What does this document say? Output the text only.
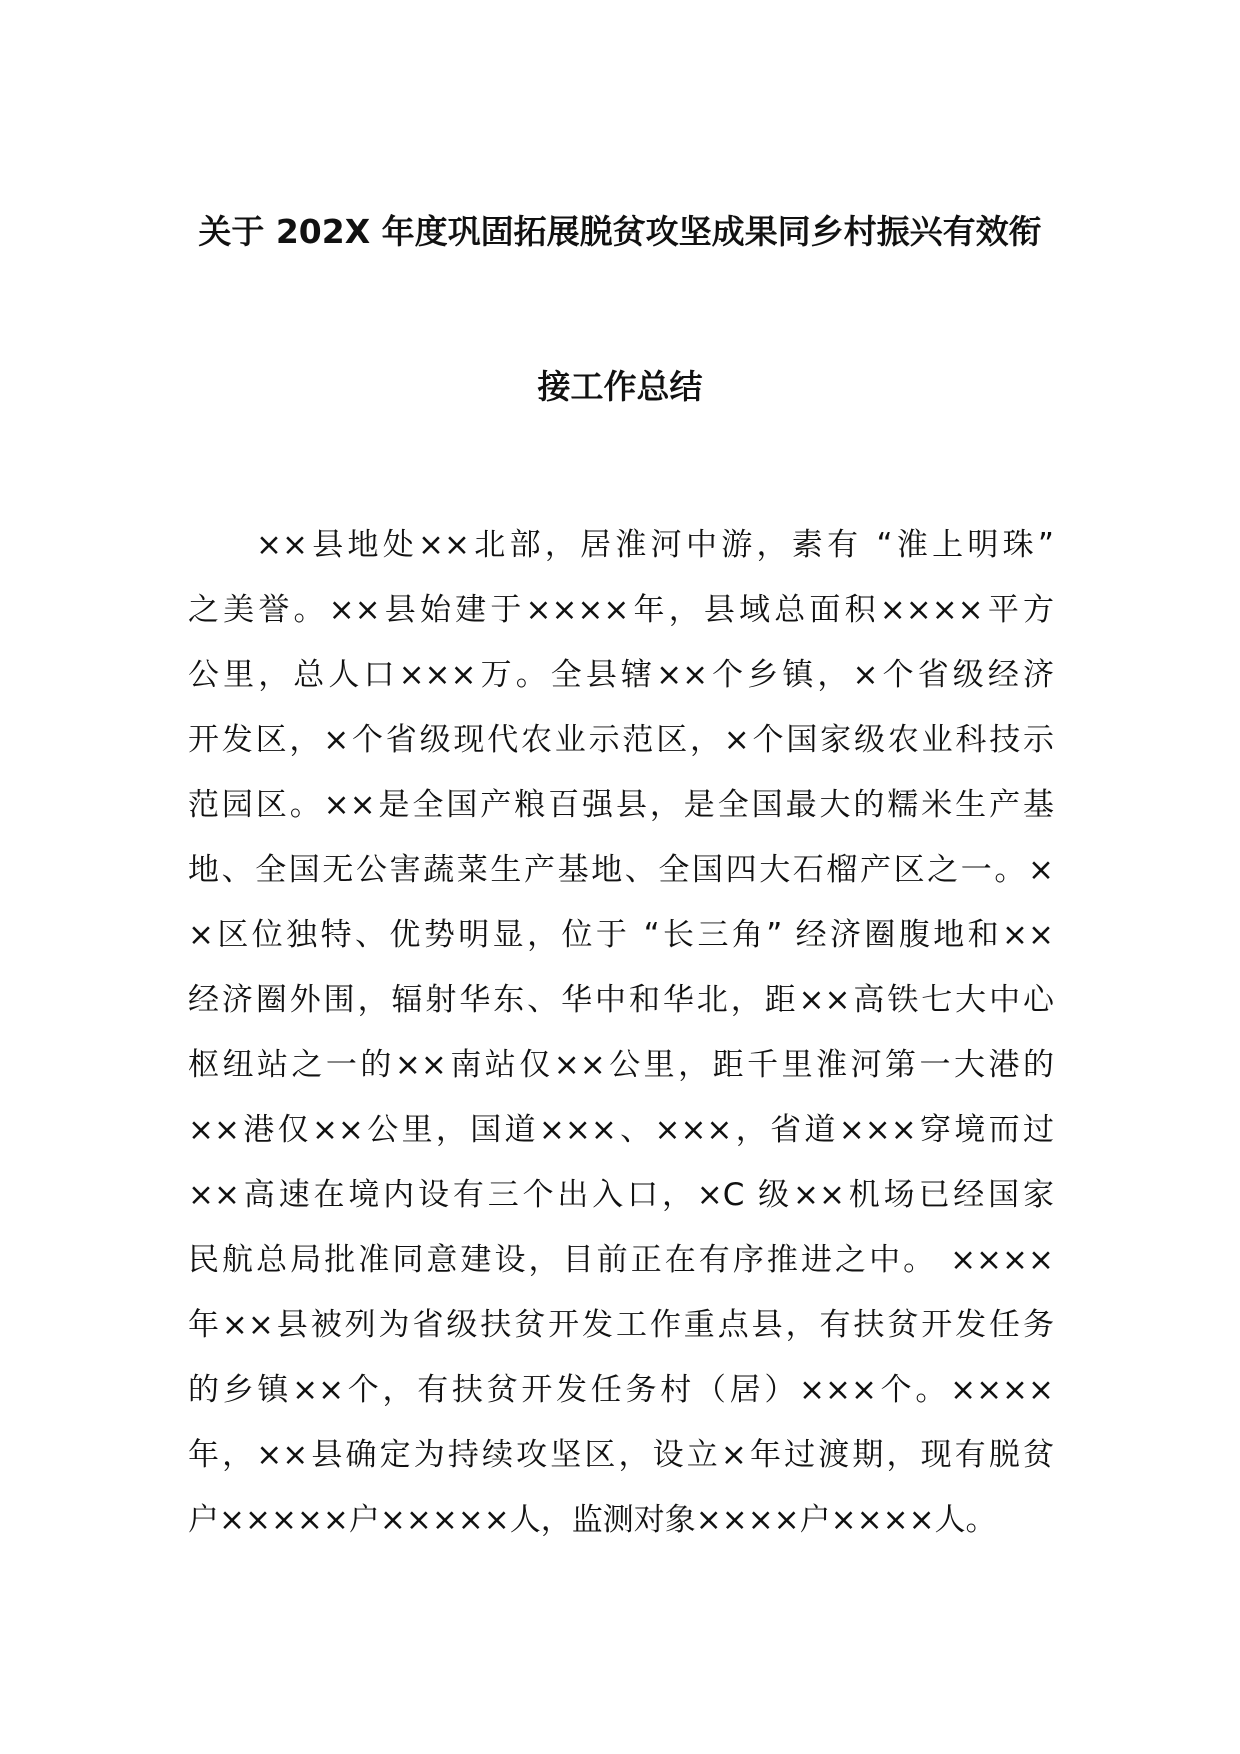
关于 202X 年度巩固拓展脱贫攻坚成果同乡村振兴有效衔
接工作总结
××县地处××北部，居淮河中游，素有 “淮上明珠”
之美誉。××县始建于××××年，县域总面积××××平方
公里，总人口×××万。全县辖××个乡镇，×个省级经济
开发区，×个省级现代农业示范区，×个国家级农业科技示
范园区。××是全国产粮百强县，是全国最大的糯米生产基
地、全国无公害蔬菜生产基地、全国四大石榴产区之一。×
×区位独特、优势明显，位于 “长三角” 经济圈腹地和××
经济圈外围，辐射华东、华中和华北，距××高铁七大中心
枢纽站之一的××南站仅××公里，距千里淮河第一大港的
××港仅××公里，国道×××、×××，省道×××穿境而过
××高速在境内设有三个出入口，×C 级××机场已经国家
民航总局批准同意建设，目前正在有序推进之中。 ××××
年××县被列为省级扶贫开发工作重点县，有扶贫开发任务
的乡镇××个，有扶贫开发任务村（居）×××个。××××
年，××县确定为持续攻坚区，设立×年过渡期，现有脱贫
户×××××户×××××人，监测对象××××户××××人。
